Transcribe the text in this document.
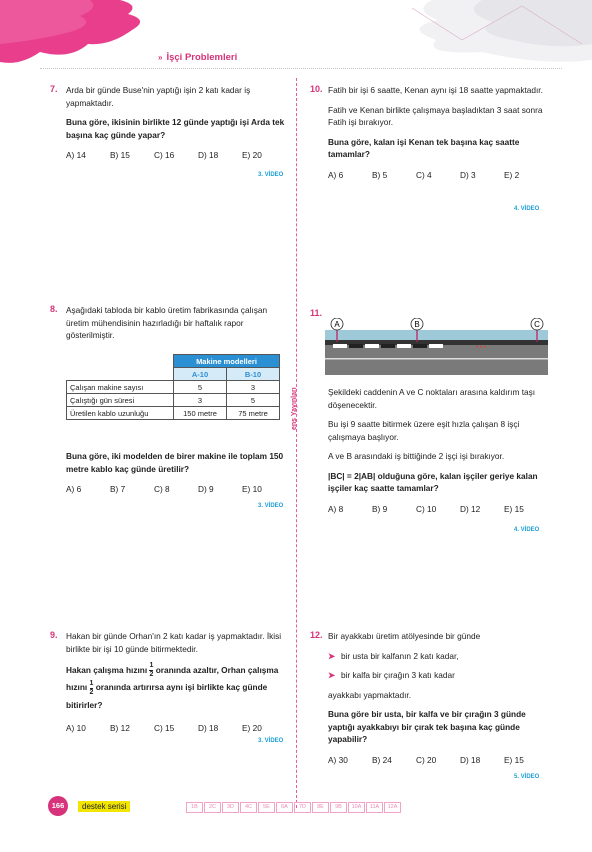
» İşçi Problemleri
ens Yayınları
7. Arda bir günde Buse'nin yaptığı işin 2 katı kadar iş yapmaktadır.

Buna göre, ikisinin birlikte 12 günde yaptığı işi Arda tek başına kaç günde yapar?

A) 14	B) 15	C) 16	D) 18	E) 20
3. VİDEO
10. Fatih bir işi 6 saatte, Kenan aynı işi 18 saatte yapmaktadır.

Fatih ve Kenan birlikte çalışmaya başladıktan 3 saat sonra Fatih işi bırakıyor.

Buna göre, kalan işi Kenan tek başına kaç saatte tamamlar?

A) 6	B) 5	C) 4	D) 3	E) 2
4. VİDEO
8. Aşağıdaki tabloda bir kablo üretim fabrikasında çalışan üretim mühendisinin hazırladığı bir haftalık rapor gösterilmiştir.

	Makine modelleri	
	A-10	B-10
Çalışan makine sayısı	5	3
Çalıştığı gün süresi	3	5
Üretilen kablo uzunluğu	150 metre	75 metre

Buna göre, iki modelden de birer makine ile toplam 150 metre kablo kaç günde üretilir?

A) 6	B) 7	C) 8	D) 9	E) 10
3. VİDEO
11.
A	B	C
• • •

Şekildeki caddenin A ve C noktaları arasına kaldırım taşı döşenecektir.

Bu işi 9 saatte bitirmek üzere eşit hızla çalışan 8 işçi çalışmaya başlıyor.

A ve B arasındaki iş bittiğinde 2 işçi işi bırakıyor.

|BC| = 2|AB| olduğuna göre, kalan işçiler geriye kalan işçiler kaç saatte tamamlar?

A) 8	B) 9	C) 10	D) 12	E) 15
4. VİDEO
9. Hakan bir günde Orhan'ın 2 katı kadar iş yapmaktadır. İkisi birlikte bir işi 10 günde bitirmektedir.

Hakan çalışma hızını $\frac{1}{2}$ oranında azaltır, Orhan çalışma hızını $\frac{1}{2}$ oranında artırırsa aynı işi birlikte kaç günde bitirirler?

A) 10	B) 12	C) 15	D) 18	E) 20
3. VİDEO
12. Bir ayakkabı üretim atölyesinde bir günde

➤ bir usta bir kalfanın 2 katı kadar,

➤ bir kalfa bir çırağın 3 katı kadar

ayakkabı yapmaktadır.

Buna göre bir usta, bir kalfa ve bir çırağın 3 günde yaptığı ayakkabıyı bir çırak tek başına kaç günde yapabilir?

A) 30	B) 24	C) 20	D) 18	E) 15
5. VİDEO
166	destek serisi	1B	2C	3D	4C	5E	6A	7D	8E	9B	10A	11A	12A
